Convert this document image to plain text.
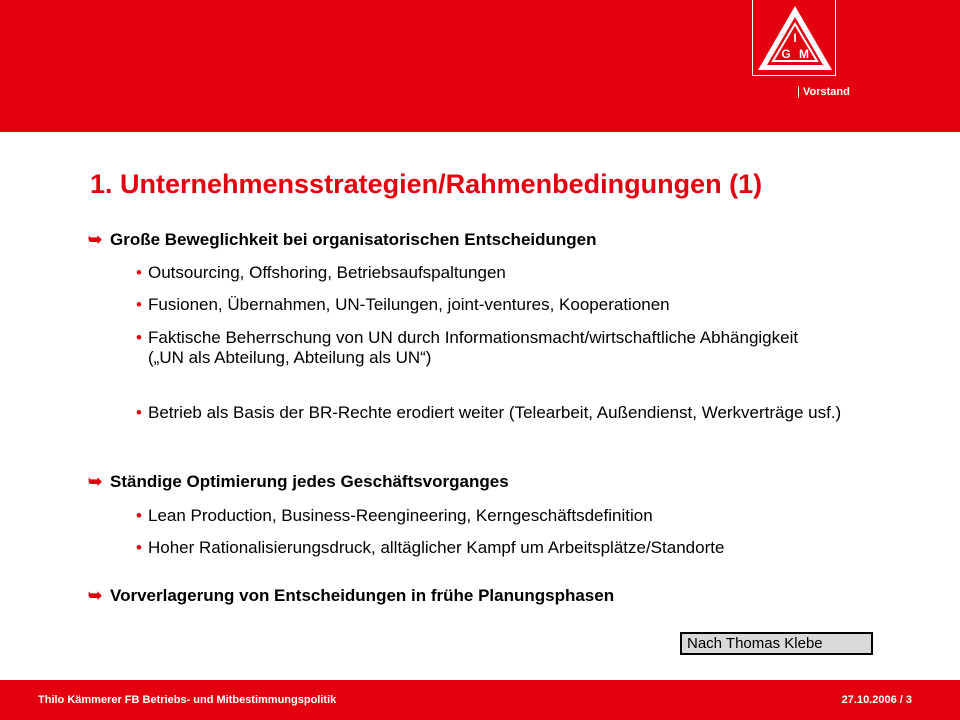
I
G M
Vorstand
1. Unternehmensstrategien/Rahmenbedingungen (1)
➥ Große Beweglichkeit bei organisatorischen Entscheidungen
• Outsourcing, Offshoring, Betriebsaufspaltungen
• Fusionen, Übernahmen, UN-Teilungen, joint-ventures, Kooperationen
• Faktische Beherrschung von UN durch Informationsmacht/wirtschaftliche Abhängigkeit
(„UN als Abteilung, Abteilung als UN“)
• Betrieb als Basis der BR-Rechte erodiert weiter (Telearbeit, Außendienst, Werkverträge usf.)
➥ Ständige Optimierung jedes Geschäftsvorganges
• Lean Production, Business-Reengineering, Kerngeschäftsdefinition
• Hoher Rationalisierungsdruck, alltäglicher Kampf um Arbeitsplätze/Standorte
➥ Vorverlagerung von Entscheidungen in frühe Planungsphasen
Nach Thomas Klebe
Thilo Kämmerer FB Betriebs- und Mitbestimmungspolitik	27.10.2006 / 3
